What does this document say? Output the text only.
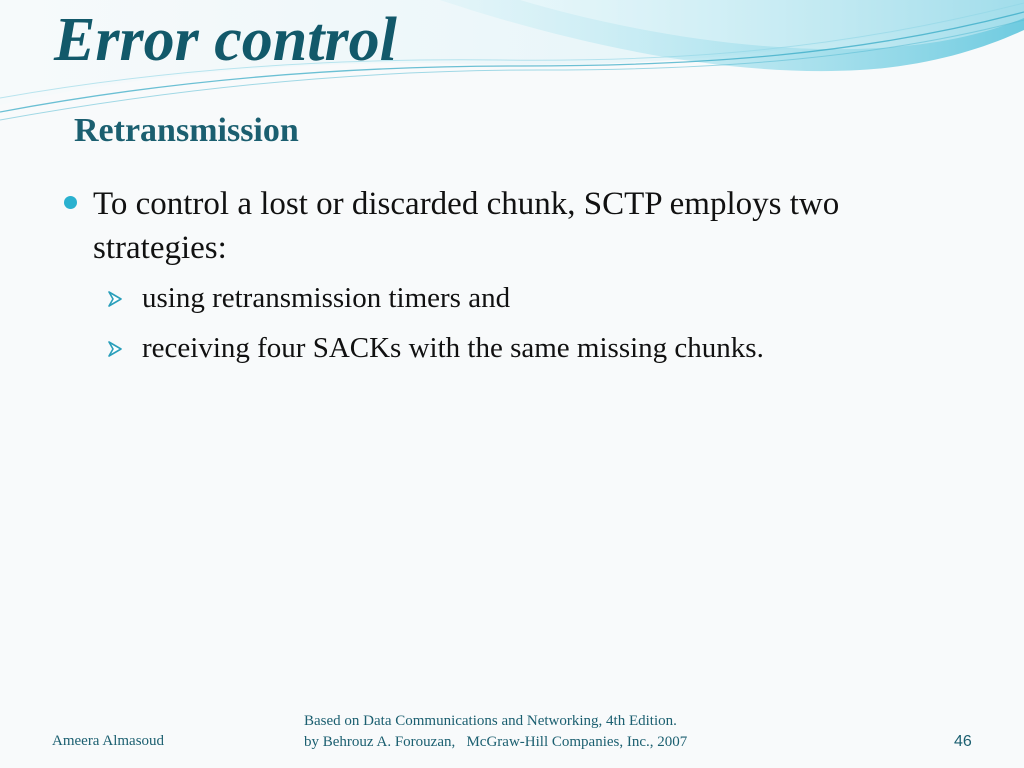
Error control
Retransmission
To control a lost or discarded chunk, SCTP employs two strategies:
using retransmission timers and
receiving four SACKs with the same missing chunks.
Ameera Almasoud
Based on Data Communications and Networking, 4th Edition.
by Behrouz A. Forouzan,   McGraw-Hill Companies, Inc., 2007	46
